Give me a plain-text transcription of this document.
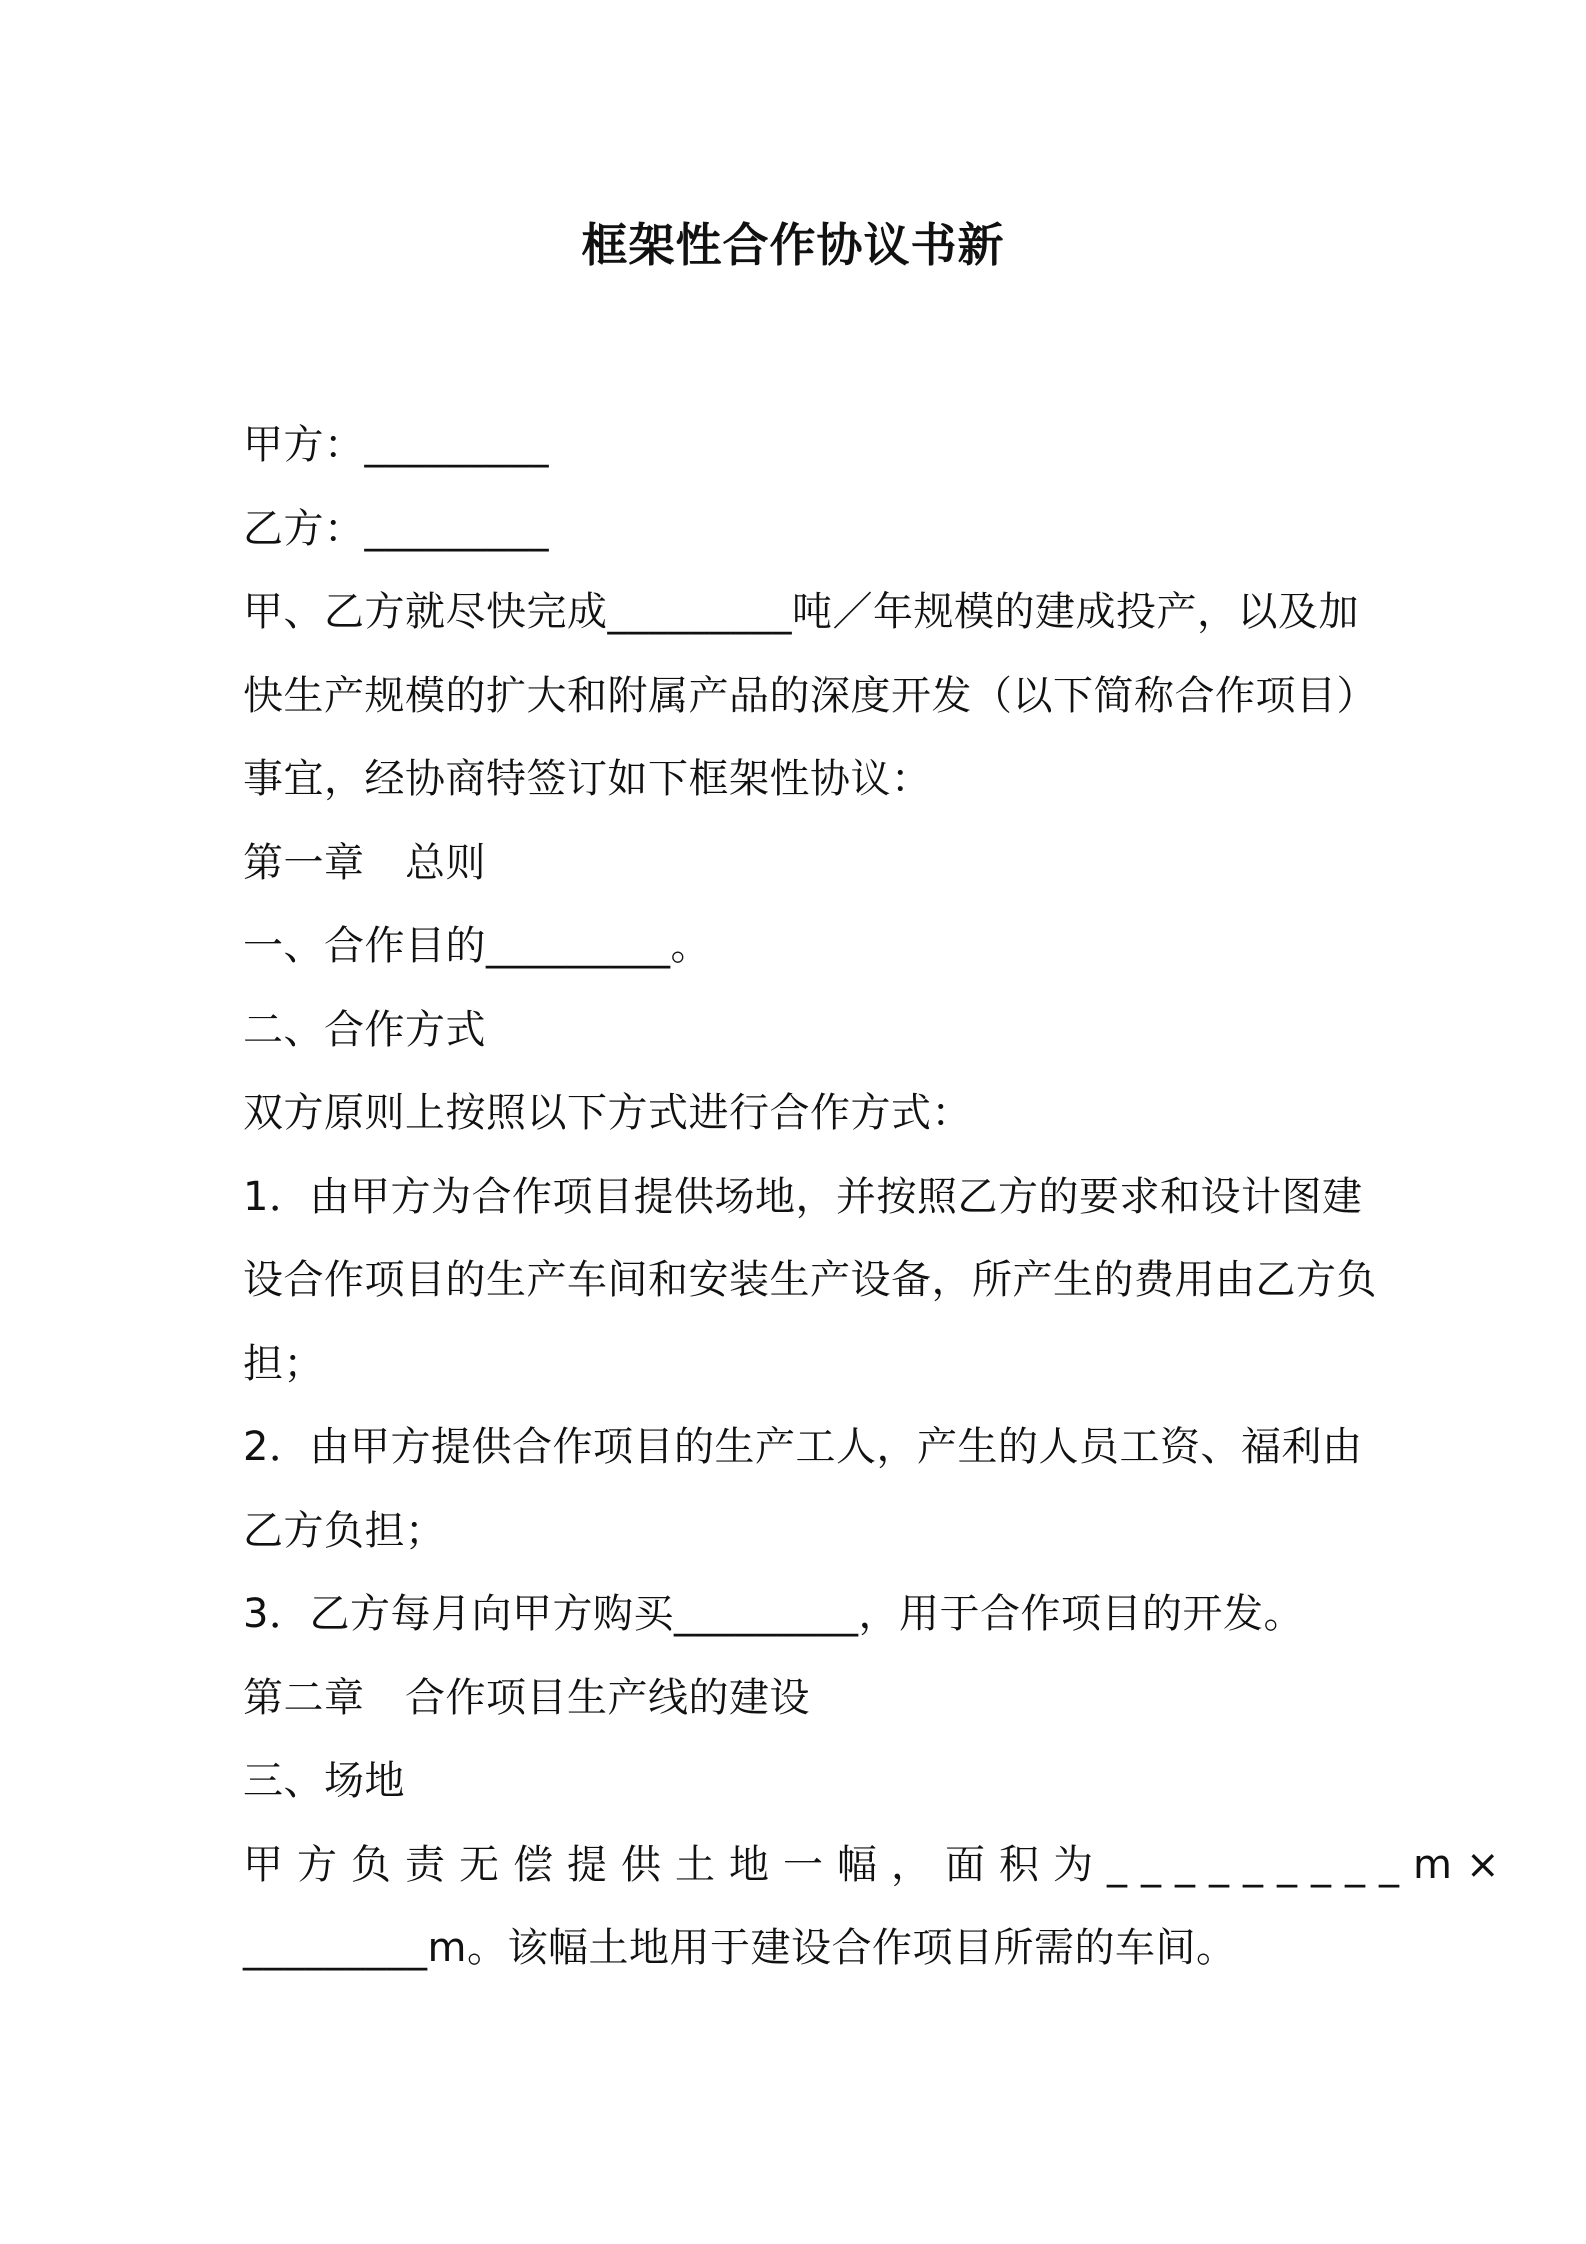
框架性合作协议书新
甲方：_________
乙方：_________
甲、乙方就尽快完成_________吨／年规模的建成投产，以及加
快生产规模的扩大和附属产品的深度开发（以下简称合作项目）
事宜，经协商特签订如下框架性协议：
第一章　总则
一、合作目的_________。
二、合作方式
双方原则上按照以下方式进行合作方式：
1．由甲方为合作项目提供场地，并按照乙方的要求和设计图建
设合作项目的生产车间和安装生产设备，所产生的费用由乙方负
担；
2．由甲方提供合作项目的生产工人，产生的人员工资、福利由
乙方负担；
3．乙方每月向甲方购买_________，用于合作项目的开发。
第二章　合作项目生产线的建设
三、场地
甲方负责无偿提供土地一幅，面积为_________m×
_________m。该幅土地用于建设合作项目所需的车间。
